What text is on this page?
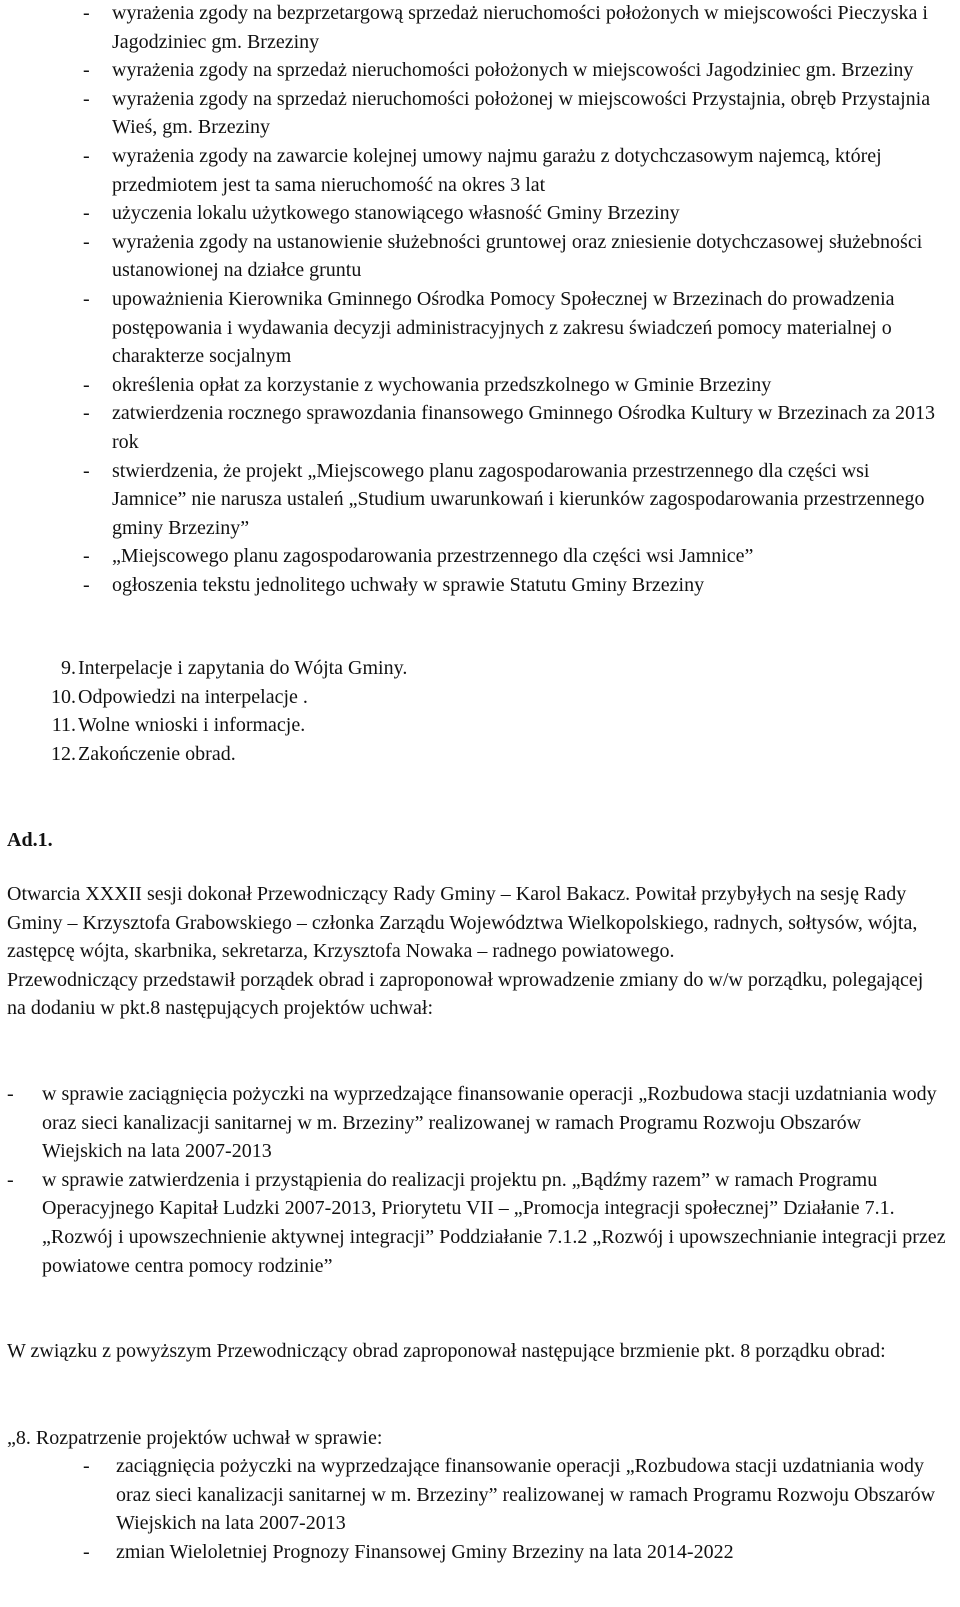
- wyrażenia zgody na bezprzetargową sprzedaż nieruchomości położonych w miejscowości Pieczyska i Jagodziniec gm. Brzeziny
- wyrażenia zgody na sprzedaż nieruchomości położonych w miejscowości Jagodziniec gm. Brzeziny
- wyrażenia zgody na sprzedaż nieruchomości położonej w miejscowości Przystajnia, obręb Przystajnia Wieś, gm. Brzeziny
- wyrażenia zgody na zawarcie kolejnej umowy najmu garażu z dotychczasowym najemcą, której przedmiotem jest ta sama nieruchomość na okres 3 lat
- użyczenia lokalu użytkowego stanowiącego własność Gminy Brzeziny
- wyrażenia zgody na ustanowienie służebności gruntowej oraz zniesienie dotychczasowej służebności ustanowionej na działce gruntu
- upoważnienia Kierownika Gminnego Ośrodka Pomocy Społecznej w Brzezinach do prowadzenia postępowania i wydawania decyzji administracyjnych z zakresu świadczeń pomocy materialnej o charakterze socjalnym
- określenia opłat za korzystanie z wychowania przedszkolnego w Gminie Brzeziny
- zatwierdzenia rocznego sprawozdania finansowego Gminnego Ośrodka Kultury w Brzezinach za 2013 rok
- stwierdzenia, że projekt „Miejscowego planu zagospodarowania przestrzennego dla części wsi Jamnice” nie narusza ustaleń „Studium uwarunkowań i kierunków zagospodarowania przestrzennego gminy Brzeziny”
- „Miejscowego planu zagospodarowania przestrzennego dla części wsi Jamnice”
- ogłoszenia tekstu jednolitego uchwały w sprawie Statutu Gminy Brzeziny
9. Interpelacje i zapytania do Wójta Gminy.
10. Odpowiedzi na interpelacje .
11. Wolne wnioski i informacje.
12. Zakończenie obrad.
Ad.1.

Otwarcia XXXII sesji dokonał Przewodniczący Rady Gminy – Karol Bakacz. Powitał przybyłych na sesję Rady Gminy – Krzysztofa Grabowskiego – członka Zarządu Województwa Wielkopolskiego, radnych, sołtysów, wójta, zastępcę wójta, skarbnika, sekretarza, Krzysztofa Nowaka – radnego powiatowego.

Przewodniczący przedstawił porządek obrad i zaproponował wprowadzenie zmiany do w/w porządku, polegającej na dodaniu w pkt.8 następujących projektów uchwał:

- w sprawie zaciągnięcia pożyczki na wyprzedzające finansowanie operacji „Rozbudowa stacji uzdatniania wody oraz sieci kanalizacji sanitarnej w m. Brzeziny” realizowanej w ramach Programu Rozwoju Obszarów Wiejskich na lata 2007-2013
- w sprawie zatwierdzenia i przystąpienia do realizacji projektu pn. „Bądźmy razem” w ramach Programu Operacyjnego Kapitał Ludzki 2007-2013, Priorytetu VII – „Promocja integracji społecznej” Działanie 7.1. „Rozwój i upowszechnienie aktywnej integracji” Poddziałanie 7.1.2 „Rozwój i upowszechnianie integracji przez powiatowe centra pomocy rodzinie”

W związku z powyższym Przewodniczący obrad zaproponował następujące brzmienie pkt. 8 porządku obrad:

„8. Rozpatrzenie projektów uchwał w sprawie:
- zaciągnięcia pożyczki na wyprzedzające finansowanie operacji „Rozbudowa stacji uzdatniania wody oraz sieci kanalizacji sanitarnej w m. Brzeziny” realizowanej w ramach Programu Rozwoju Obszarów Wiejskich na lata 2007-2013
- zmian Wieloletniej Prognozy Finansowej Gminy Brzeziny na lata 2014-2022
